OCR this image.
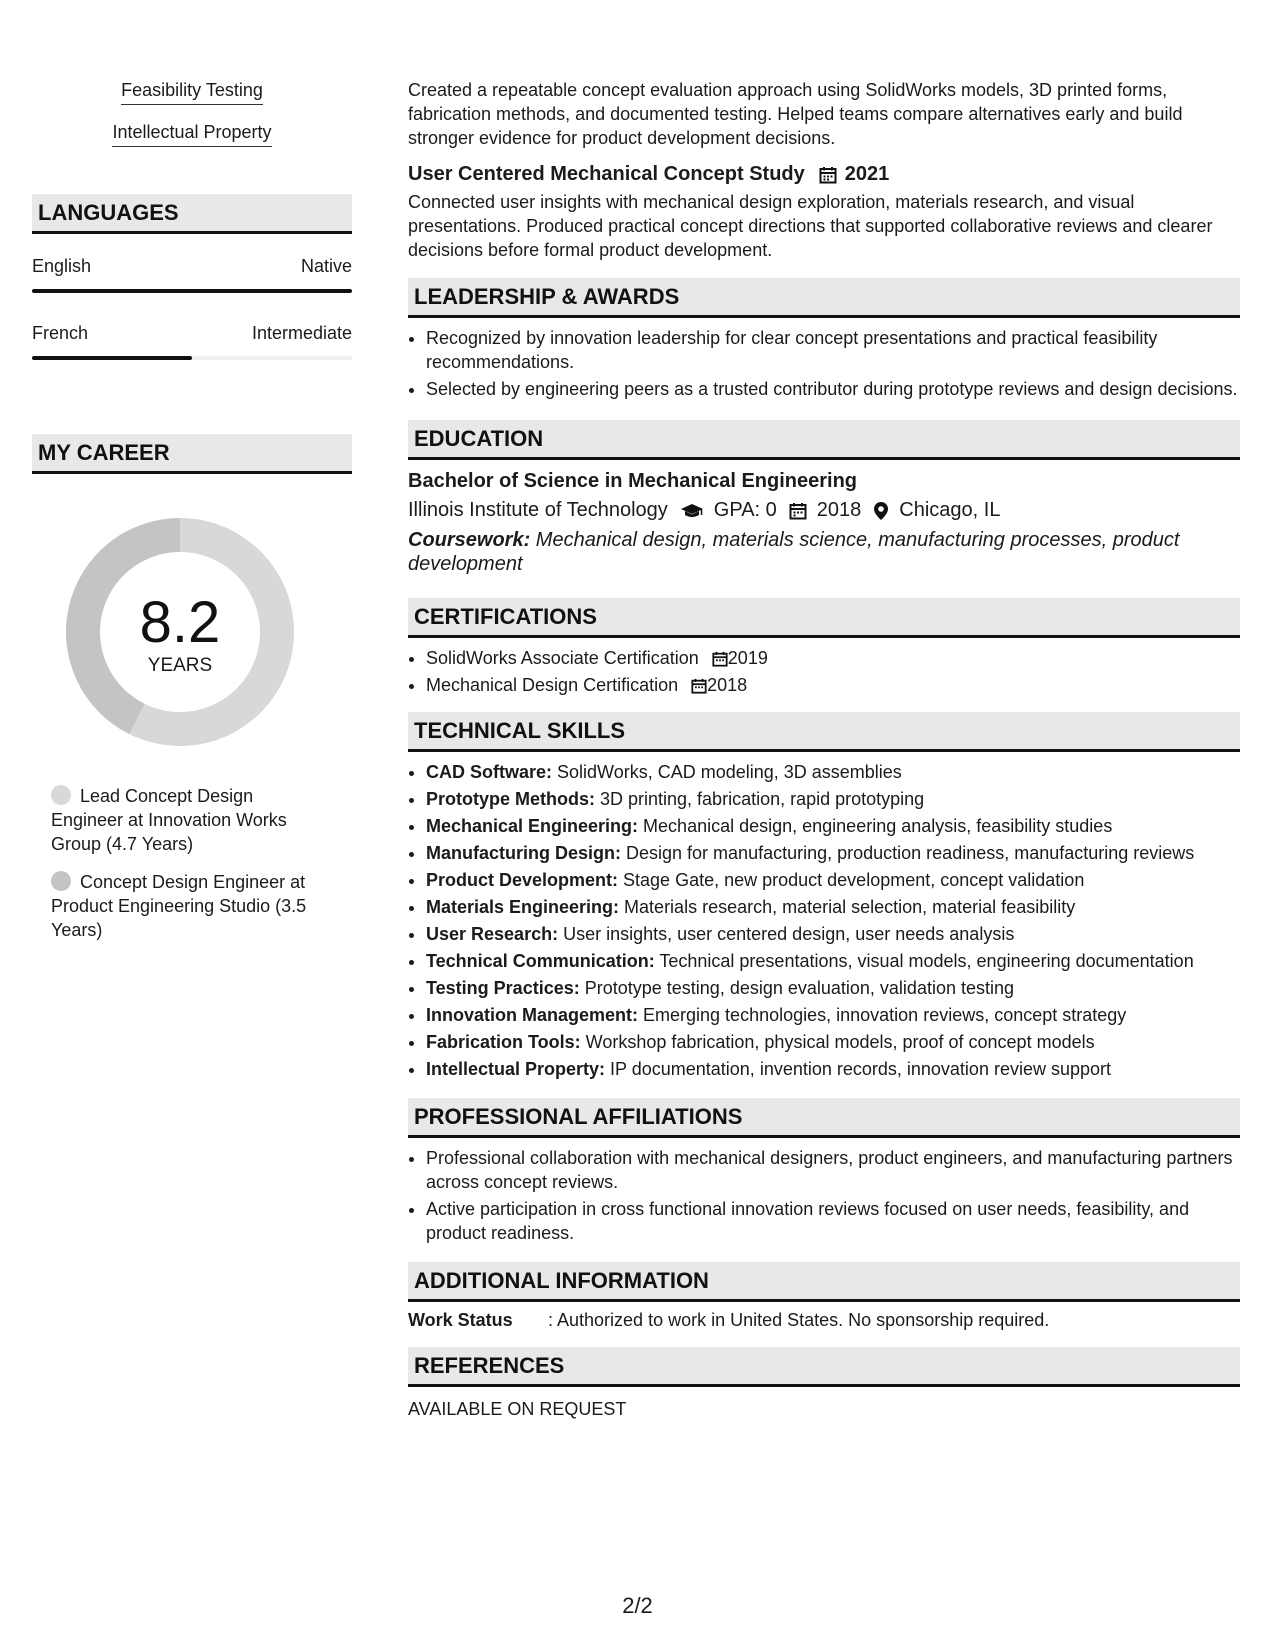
Feasibility Testing
Intellectual Property
LANGUAGES
English	Native
French	Intermediate
MY CAREER
8.2
YEARS
Lead Concept Design Engineer at Innovation Works Group (4.7 Years)
Concept Design Engineer at Product Engineering Studio (3.5 Years)
Created a repeatable concept evaluation approach using SolidWorks models, 3D printed forms, fabrication methods, and documented testing. Helped teams compare alternatives early and build stronger evidence for product development decisions.
User Centered Mechanical Concept Study 2021
Connected user insights with mechanical design exploration, materials research, and visual presentations. Produced practical concept directions that supported collaborative reviews and clearer decisions before formal product development.
LEADERSHIP & AWARDS
• Recognized by innovation leadership for clear concept presentations and practical feasibility recommendations.
• Selected by engineering peers as a trusted contributor during prototype reviews and design decisions.
EDUCATION
Bachelor of Science in Mechanical Engineering
Illinois Institute of Technology GPA: 0 2018 Chicago, IL
Coursework: Mechanical design, materials science, manufacturing processes, product development
CERTIFICATIONS
• SolidWorks Associate Certification 2019
• Mechanical Design Certification 2018
TECHNICAL SKILLS
• CAD Software: SolidWorks, CAD modeling, 3D assemblies
• Prototype Methods: 3D printing, fabrication, rapid prototyping
• Mechanical Engineering: Mechanical design, engineering analysis, feasibility studies
• Manufacturing Design: Design for manufacturing, production readiness, manufacturing reviews
• Product Development: Stage Gate, new product development, concept validation
• Materials Engineering: Materials research, material selection, material feasibility
• User Research: User insights, user centered design, user needs analysis
• Technical Communication: Technical presentations, visual models, engineering documentation
• Testing Practices: Prototype testing, design evaluation, validation testing
• Innovation Management: Emerging technologies, innovation reviews, concept strategy
• Fabrication Tools: Workshop fabrication, physical models, proof of concept models
• Intellectual Property: IP documentation, invention records, innovation review support
PROFESSIONAL AFFILIATIONS
• Professional collaboration with mechanical designers, product engineers, and manufacturing partners across concept reviews.
• Active participation in cross functional innovation reviews focused on user needs, feasibility, and product readiness.
ADDITIONAL INFORMATION
Work Status	: Authorized to work in United States. No sponsorship required.
REFERENCES
AVAILABLE ON REQUEST
2/2
